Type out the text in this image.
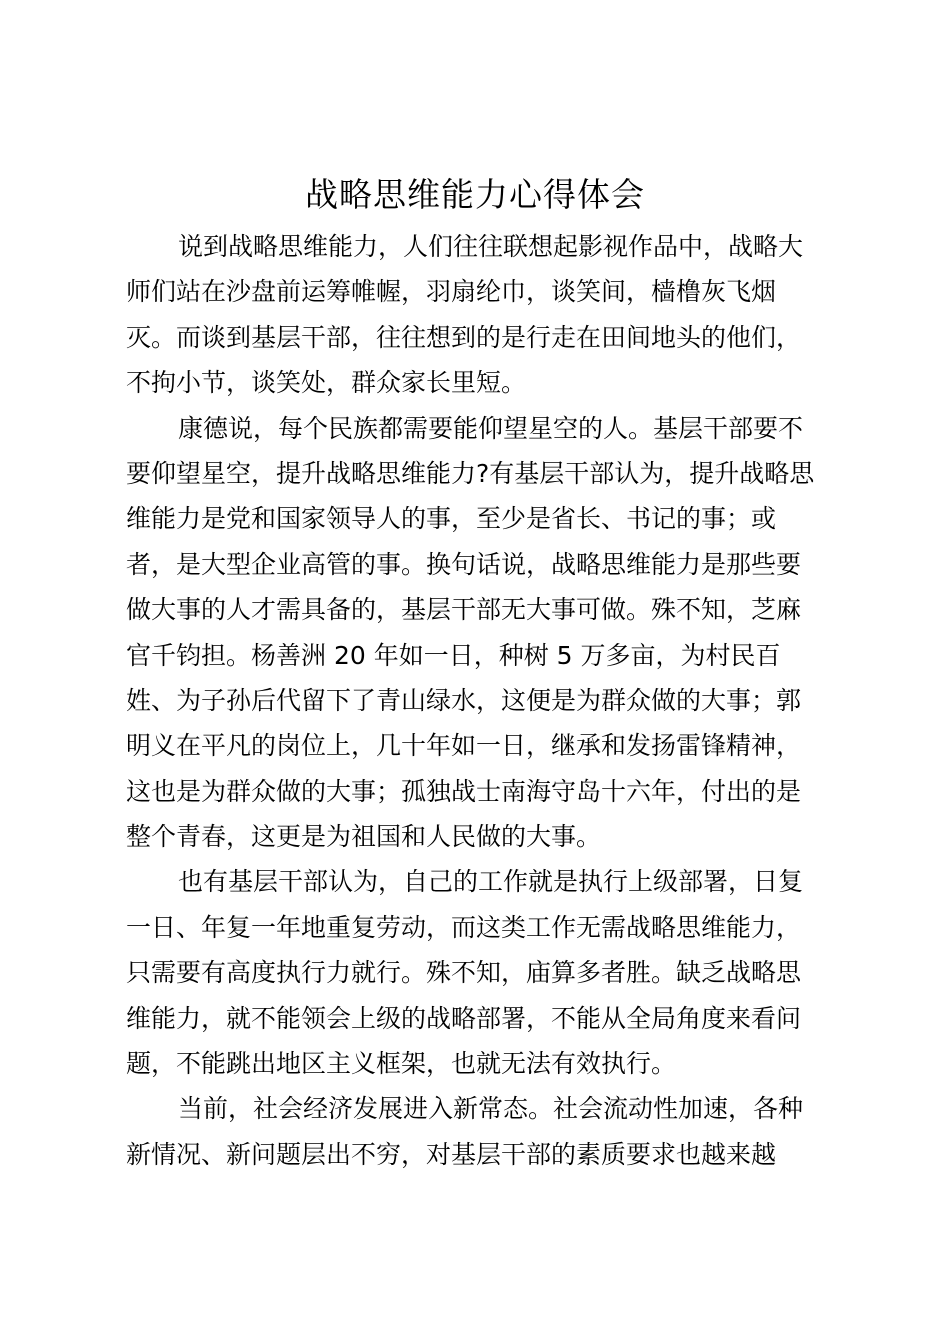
战略思维能力心得体会
说到战略思维能力，人们往往联想起影视作品中，战略大
师们站在沙盘前运筹帷幄，羽扇纶巾，谈笑间，樯橹灰飞烟
灭。而谈到基层干部，往往想到的是行走在田间地头的他们，
不拘小节，谈笑处，群众家长里短。
康德说，每个民族都需要能仰望星空的人。基层干部要不
要仰望星空，提升战略思维能力?有基层干部认为，提升战略思
维能力是党和国家领导人的事，至少是省长、书记的事；或
者，是大型企业高管的事。换句话说，战略思维能力是那些要
做大事的人才需具备的，基层干部无大事可做。殊不知，芝麻
官千钧担。杨善洲 20 年如一日，种树 5 万多亩，为村民百
姓、为子孙后代留下了青山绿水，这便是为群众做的大事；郭
明义在平凡的岗位上，几十年如一日，继承和发扬雷锋精神，
这也是为群众做的大事；孤独战士南海守岛十六年，付出的是
整个青春，这更是为祖国和人民做的大事。
也有基层干部认为，自己的工作就是执行上级部署，日复
一日、年复一年地重复劳动，而这类工作无需战略思维能力，
只需要有高度执行力就行。殊不知，庙算多者胜。缺乏战略思
维能力，就不能领会上级的战略部署，不能从全局角度来看问
题，不能跳出地区主义框架，也就无法有效执行。
当前，社会经济发展进入新常态。社会流动性加速，各种
新情况、新问题层出不穷，对基层干部的素质要求也越来越
